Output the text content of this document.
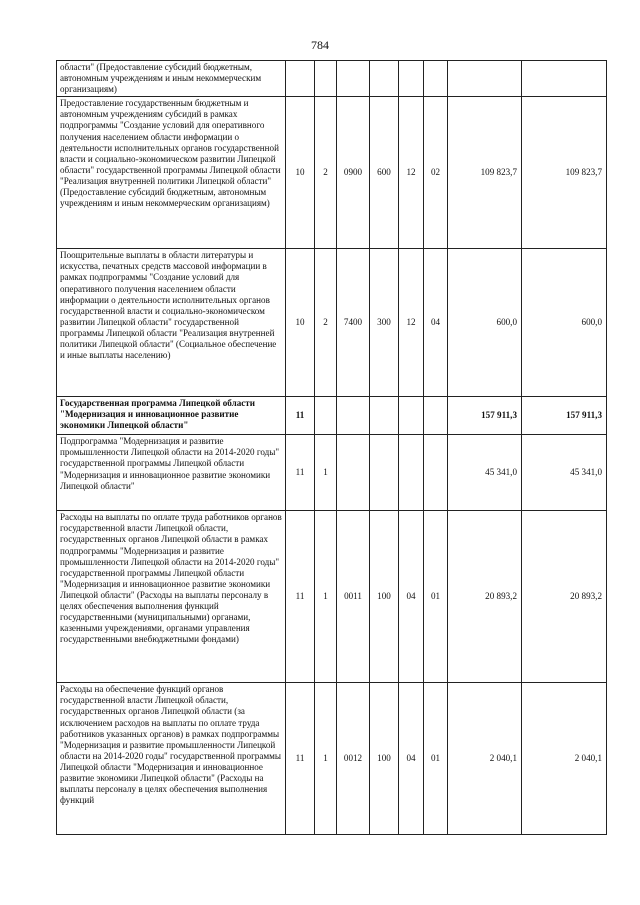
784
области" (Предоставление субсидий бюджетным, автономным учреждениям и иным некоммерческим организациям)								
Предоставление государственным бюджетным и автономным учреждениям субсидий в рамках подпрограммы "Создание условий для оперативного получения населением области информации о деятельности исполнительных органов государственной власти и социально-экономическом развитии Липецкой области" государственной программы Липецкой области "Реализация внутренней политики Липецкой области" (Предоставление субсидий бюджетным, автономным учреждениям и иным некоммерческим организациям)	10	2	0900	600	12	02	109 823,7	109 823,7
Поощрительные выплаты в области литературы и искусства, печатных средств массовой информации в рамках подпрограммы "Создание условий для оперативного получения населением области информации о деятельности исполнительных органов государственной власти и социально-экономическом развитии Липецкой области" государственной программы Липецкой области "Реализация внутренней политики Липецкой области" (Социальное обеспечение и иные выплаты населению)	10	2	7400	300	12	04	600,0	600,0
Государственная программа Липецкой области "Модернизация и инновационное развитие экономики Липецкой области"	11						157 911,3	157 911,3
Подпрограмма "Модернизация и развитие промышленности Липецкой области на 2014-2020 годы" государственной программы Липецкой области "Модернизация и инновационное развитие экономики Липецкой области"	11	1					45 341,0	45 341,0
Расходы на выплаты по оплате труда работников органов государственной власти Липецкой области, государственных органов Липецкой области в рамках подпрограммы "Модернизация и развитие промышленности Липецкой области на 2014-2020 годы" государственной программы Липецкой области "Модернизация и инновационное развитие экономики Липецкой области" (Расходы на выплаты персоналу в целях обеспечения выполнения функций государственными (муниципальными) органами, казенными учреждениями, органами управления государственными внебюджетными фондами)	11	1	0011	100	04	01	20 893,2	20 893,2
Расходы на обеспечение функций органов государственной власти Липецкой области, государственных органов Липецкой области (за исключением расходов на выплаты по оплате труда работников указанных органов) в рамках подпрограммы "Модернизация и развитие промышленности Липецкой области на 2014-2020 годы" государственной программы Липецкой области "Модернизация и инновационное развитие экономики Липецкой области" (Расходы на выплаты персоналу в целях обеспечения выполнения функций	11	1	0012	100	04	01	2 040,1	2 040,1
